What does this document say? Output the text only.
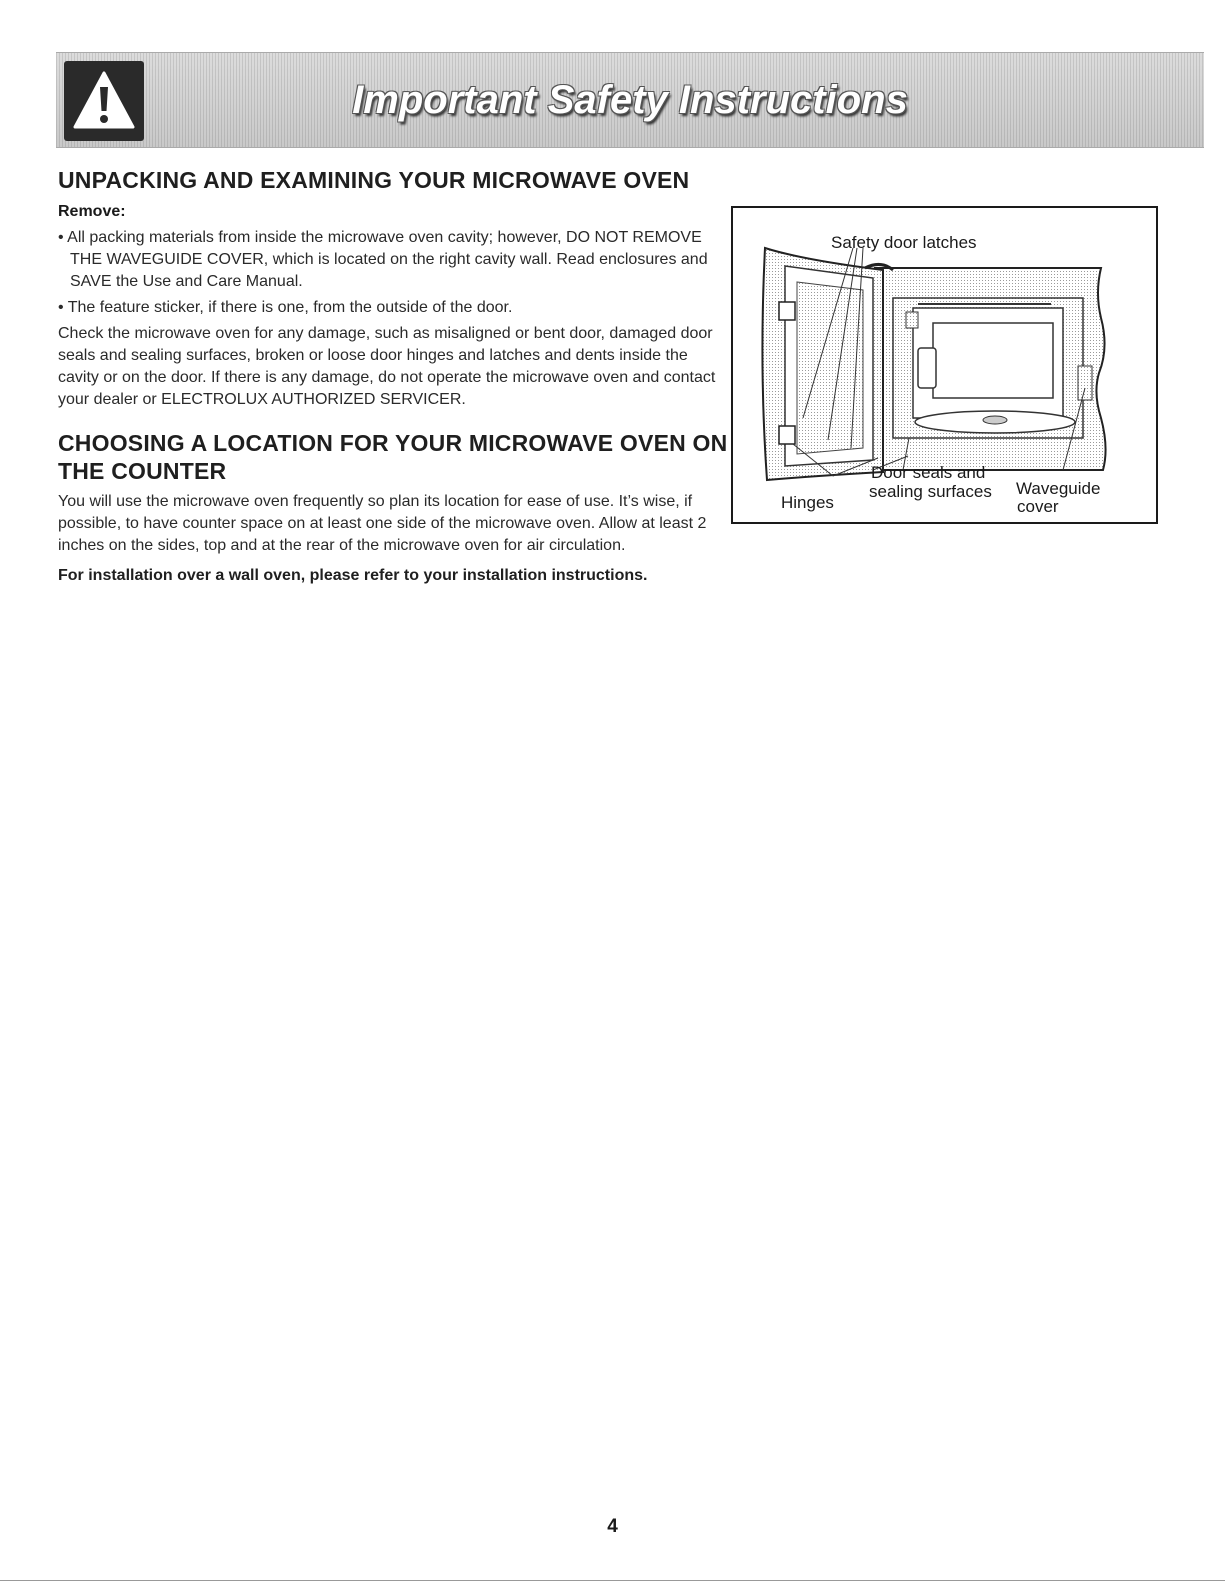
Important Safety Instructions
UNPACKING AND EXAMINING YOUR MICROWAVE OVEN
Remove:

• All packing materials from inside the microwave oven cavity; however, DO NOT REMOVE THE WAVEGUIDE COVER, which is located on the right cavity wall. Read enclosures and SAVE the Use and Care Manual.

• The feature sticker, if there is one, from the outside of the door.

Check the microwave oven for any damage, such as misaligned or bent door, damaged door seals and sealing surfaces, broken or loose door hinges and latches and dents inside the cavity or on the door. If there is any damage, do not operate the microwave oven and contact your dealer or ELECTROLUX AUTHORIZED SERVICER.

CHOOSING A LOCATION FOR YOUR MICROWAVE OVEN ON THE COUNTER

You will use the microwave oven frequently so plan its location for ease of use. It’s wise, if possible, to have counter space on at least one side of the microwave oven. Allow at least 2 inches on the sides, top and at the rear of the microwave oven for air circulation.

For installation over a wall oven, please refer to your installation instructions.

Safety door latches
Door seals and
sealing surfaces Waveguide
cover
Hinges
4
